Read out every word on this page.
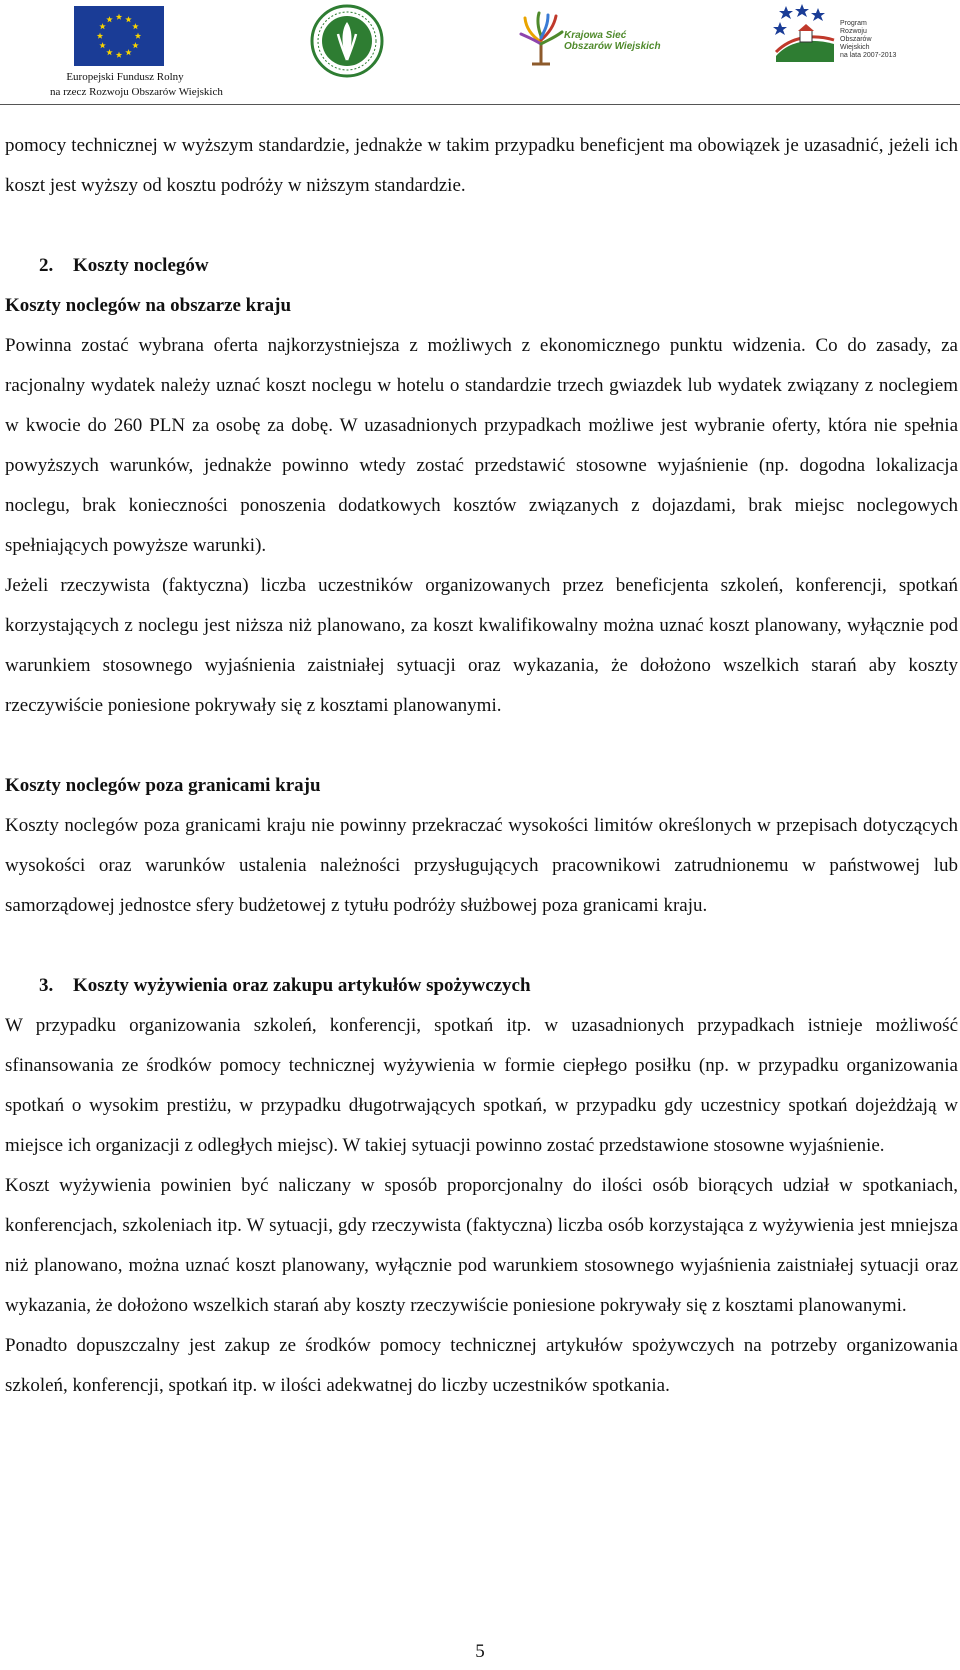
Europejski Fundusz Rolny
na rzecz Rozwoju Obszarów Wiejskich
Krajowa Sieć
Obszarów Wiejskich
Program
Rozwoju
Obszarów
Wiejskich
na lata 2007-2013

pomocy technicznej w wyższym standardzie, jednakże w takim przypadku beneficjent ma obowiązek je uzasadnić, jeżeli ich koszt jest wyższy od kosztu podróży w niższym standardzie.

2. Koszty noclegów

Koszty noclegów na obszarze kraju

Powinna zostać wybrana oferta najkorzystniejsza z możliwych z ekonomicznego punktu widzenia. Co do zasady, za racjonalny wydatek należy uznać koszt noclegu w hotelu o standardzie trzech gwiazdek lub wydatek związany z noclegiem w kwocie do 260 PLN za osobę za dobę. W uzasadnionych przypadkach możliwe jest wybranie oferty, która nie spełnia powyższych warunków, jednakże powinno wtedy zostać przedstawić stosowne wyjaśnienie (np. dogodna lokalizacja noclegu, brak konieczności ponoszenia dodatkowych kosztów związanych z dojazdami, brak miejsc noclegowych spełniających powyższe warunki).

Jeżeli rzeczywista (faktyczna) liczba uczestników organizowanych przez beneficjenta szkoleń, konferencji, spotkań korzystających z noclegu jest niższa niż planowano, za koszt kwalifikowalny można uznać koszt planowany, wyłącznie pod warunkiem stosownego wyjaśnienia zaistniałej sytuacji oraz wykazania, że dołożono wszelkich starań aby koszty rzeczywiście poniesione pokrywały się z kosztami planowanymi.

Koszty noclegów poza granicami kraju

Koszty noclegów poza granicami kraju nie powinny przekraczać wysokości limitów określonych w przepisach dotyczących wysokości oraz warunków ustalenia należności przysługujących pracownikowi zatrudnionemu w państwowej lub samorządowej jednostce sfery budżetowej z tytułu podróży służbowej poza granicami kraju.

3. Koszty wyżywienia oraz zakupu artykułów spożywczych

W przypadku organizowania szkoleń, konferencji, spotkań itp. w uzasadnionych przypadkach istnieje możliwość sfinansowania ze środków pomocy technicznej wyżywienia w formie ciepłego posiłku (np. w przypadku organizowania spotkań o wysokim prestiżu, w przypadku długotrwających spotkań, w przypadku gdy uczestnicy spotkań dojeżdżają w miejsce ich organizacji z odległych miejsc). W takiej sytuacji powinno zostać przedstawione stosowne wyjaśnienie.

Koszt wyżywienia powinien być naliczany w sposób proporcjonalny do ilości osób biorących udział w spotkaniach, konferencjach, szkoleniach itp. W sytuacji, gdy rzeczywista (faktyczna) liczba osób korzystająca z wyżywienia jest mniejsza niż planowano, można uznać koszt planowany, wyłącznie pod warunkiem stosownego wyjaśnienia zaistniałej sytuacji oraz wykazania, że dołożono wszelkich starań aby koszty rzeczywiście poniesione pokrywały się z kosztami planowanymi.

Ponadto dopuszczalny jest zakup ze środków pomocy technicznej artykułów spożywczych na potrzeby organizowania szkoleń, konferencji, spotkań itp. w ilości adekwatnej do liczby uczestników spotkania.

5
